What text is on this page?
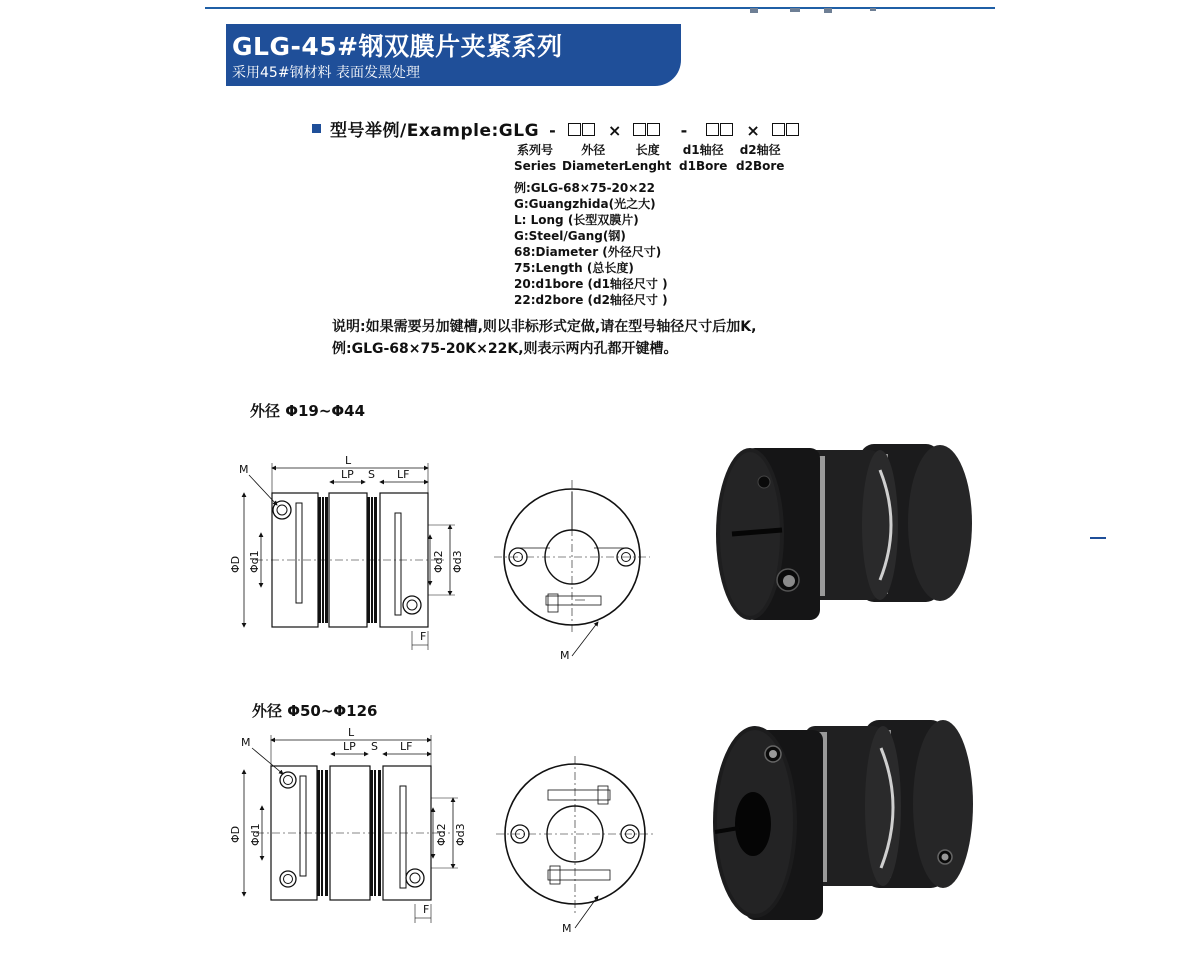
GLG-45#钢双膜片夹紧系列
采用45#钢材料 表面发黑处理
型号举例/Example:GLG -	×	-	×
系列号
Series
外径
Diameter
长度
Lenght
d1轴径
d1Bore
d2轴径
d2Bore
例:GLG-68×75-20×22
G:Guangzhida(光之大)
L: Long (长型双膜片)
G:Steel/Gang(钢)
68:Diameter (外径尺寸)
75:Length (总长度)
20:d1bore (d1轴径尺寸 )
22:d2bore (d2轴径尺寸 )
说明:如果需要另加键槽,则以非标形式定做,请在型号轴径尺寸后加K,
例:GLG-68×75-20K×22K,则表示两内孔都开键槽。
外径 Φ19~Φ44
外径 Φ50~Φ126
L
LP S LF
ΦD Φd1	Φd2 Φd3
M
F
M
L
LP S LF
ΦD Φd1	Φd2 Φd3
M
F
M
